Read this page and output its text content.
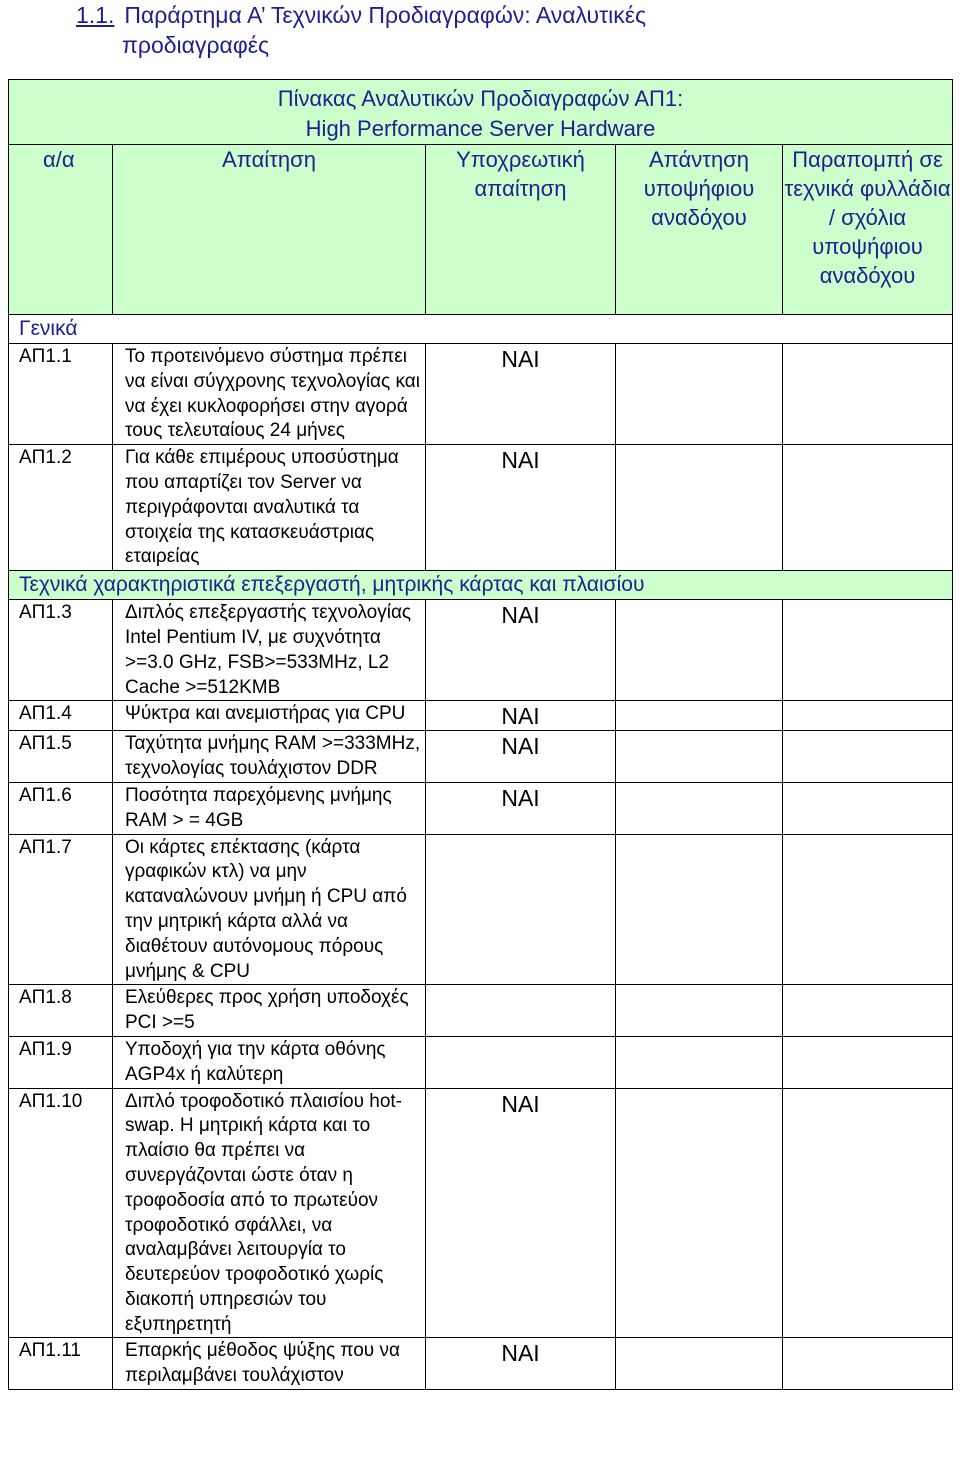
1.1. Παράρτημα Α’ Τεχνικών Προδιαγραφών: Αναλυτικές
προδιαγραφές
Πίνακας Αναλυτικών Προδιαγραφών ΑΠ1:
High Performance Server Hardware				

α/α	Απαίτηση	Υποχρεωτική απαίτηση	Απάντηση υποψήφιου αναδόχου	Παραπομπή σε τεχνικά φυλλάδια / σχόλια υποψήφιου αναδόχου
Γενικά				
ΑΠ1.1	Το προτεινόμενο σύστημα πρέπει να είναι σύγχρονης τεχνολογίας και να έχει κυκλοφορήσει στην αγορά τους τελευταίους 24 μήνες	ΝΑΙ		
ΑΠ1.2	Για κάθε επιμέρους υποσύστημα που απαρτίζει τον Server να περιγράφονται αναλυτικά τα στοιχεία της κατασκευάστριας εταιρείας	ΝΑΙ		
Τεχνικά χαρακτηριστικά επεξεργαστή, μητρικής κάρτας και πλαισίου				
ΑΠ1.3	Διπλός επεξεργαστής τεχνολογίας Intel Pentium IV, με συχνότητα >=3.0 GHz, FSB>=533MHz, L2 Cache >=512KMB	ΝΑΙ		
ΑΠ1.4	Ψύκτρα και ανεμιστήρας για CPU	ΝΑΙ		
ΑΠ1.5	Ταχύτητα μνήμης RAM >=333MHz, τεχνολογίας τουλάχιστον DDR	ΝΑΙ		
ΑΠ1.6	Ποσότητα παρεχόμενης μνήμης RAM > = 4GB	ΝΑΙ		
ΑΠ1.7	Οι κάρτες επέκτασης (κάρτα γραφικών κτλ) να μην καταναλώνουν μνήμη ή CPU από την μητρική κάρτα αλλά να διαθέτουν αυτόνομους πόρους μνήμης & CPU			
ΑΠ1.8	Ελεύθερες προς χρήση υποδοχές PCI >=5			
ΑΠ1.9	Υποδοχή για την κάρτα οθόνης AGP4x ή καλύτερη			
ΑΠ1.10	Διπλό τροφοδοτικό πλαισίου hot-swap. Η μητρική κάρτα και το πλαίσιο θα πρέπει να συνεργάζονται ώστε όταν η τροφοδοσία από το πρωτεύον τροφοδοτικό σφάλλει, να αναλαμβάνει λειτουργία το δευτερεύον τροφοδοτικό χωρίς διακοπή υπηρεσιών του εξυπηρετητή	ΝΑΙ		
ΑΠ1.11	Επαρκής μέθοδος ψύξης που να περιλαμβάνει τουλάχιστον	ΝΑΙ		
